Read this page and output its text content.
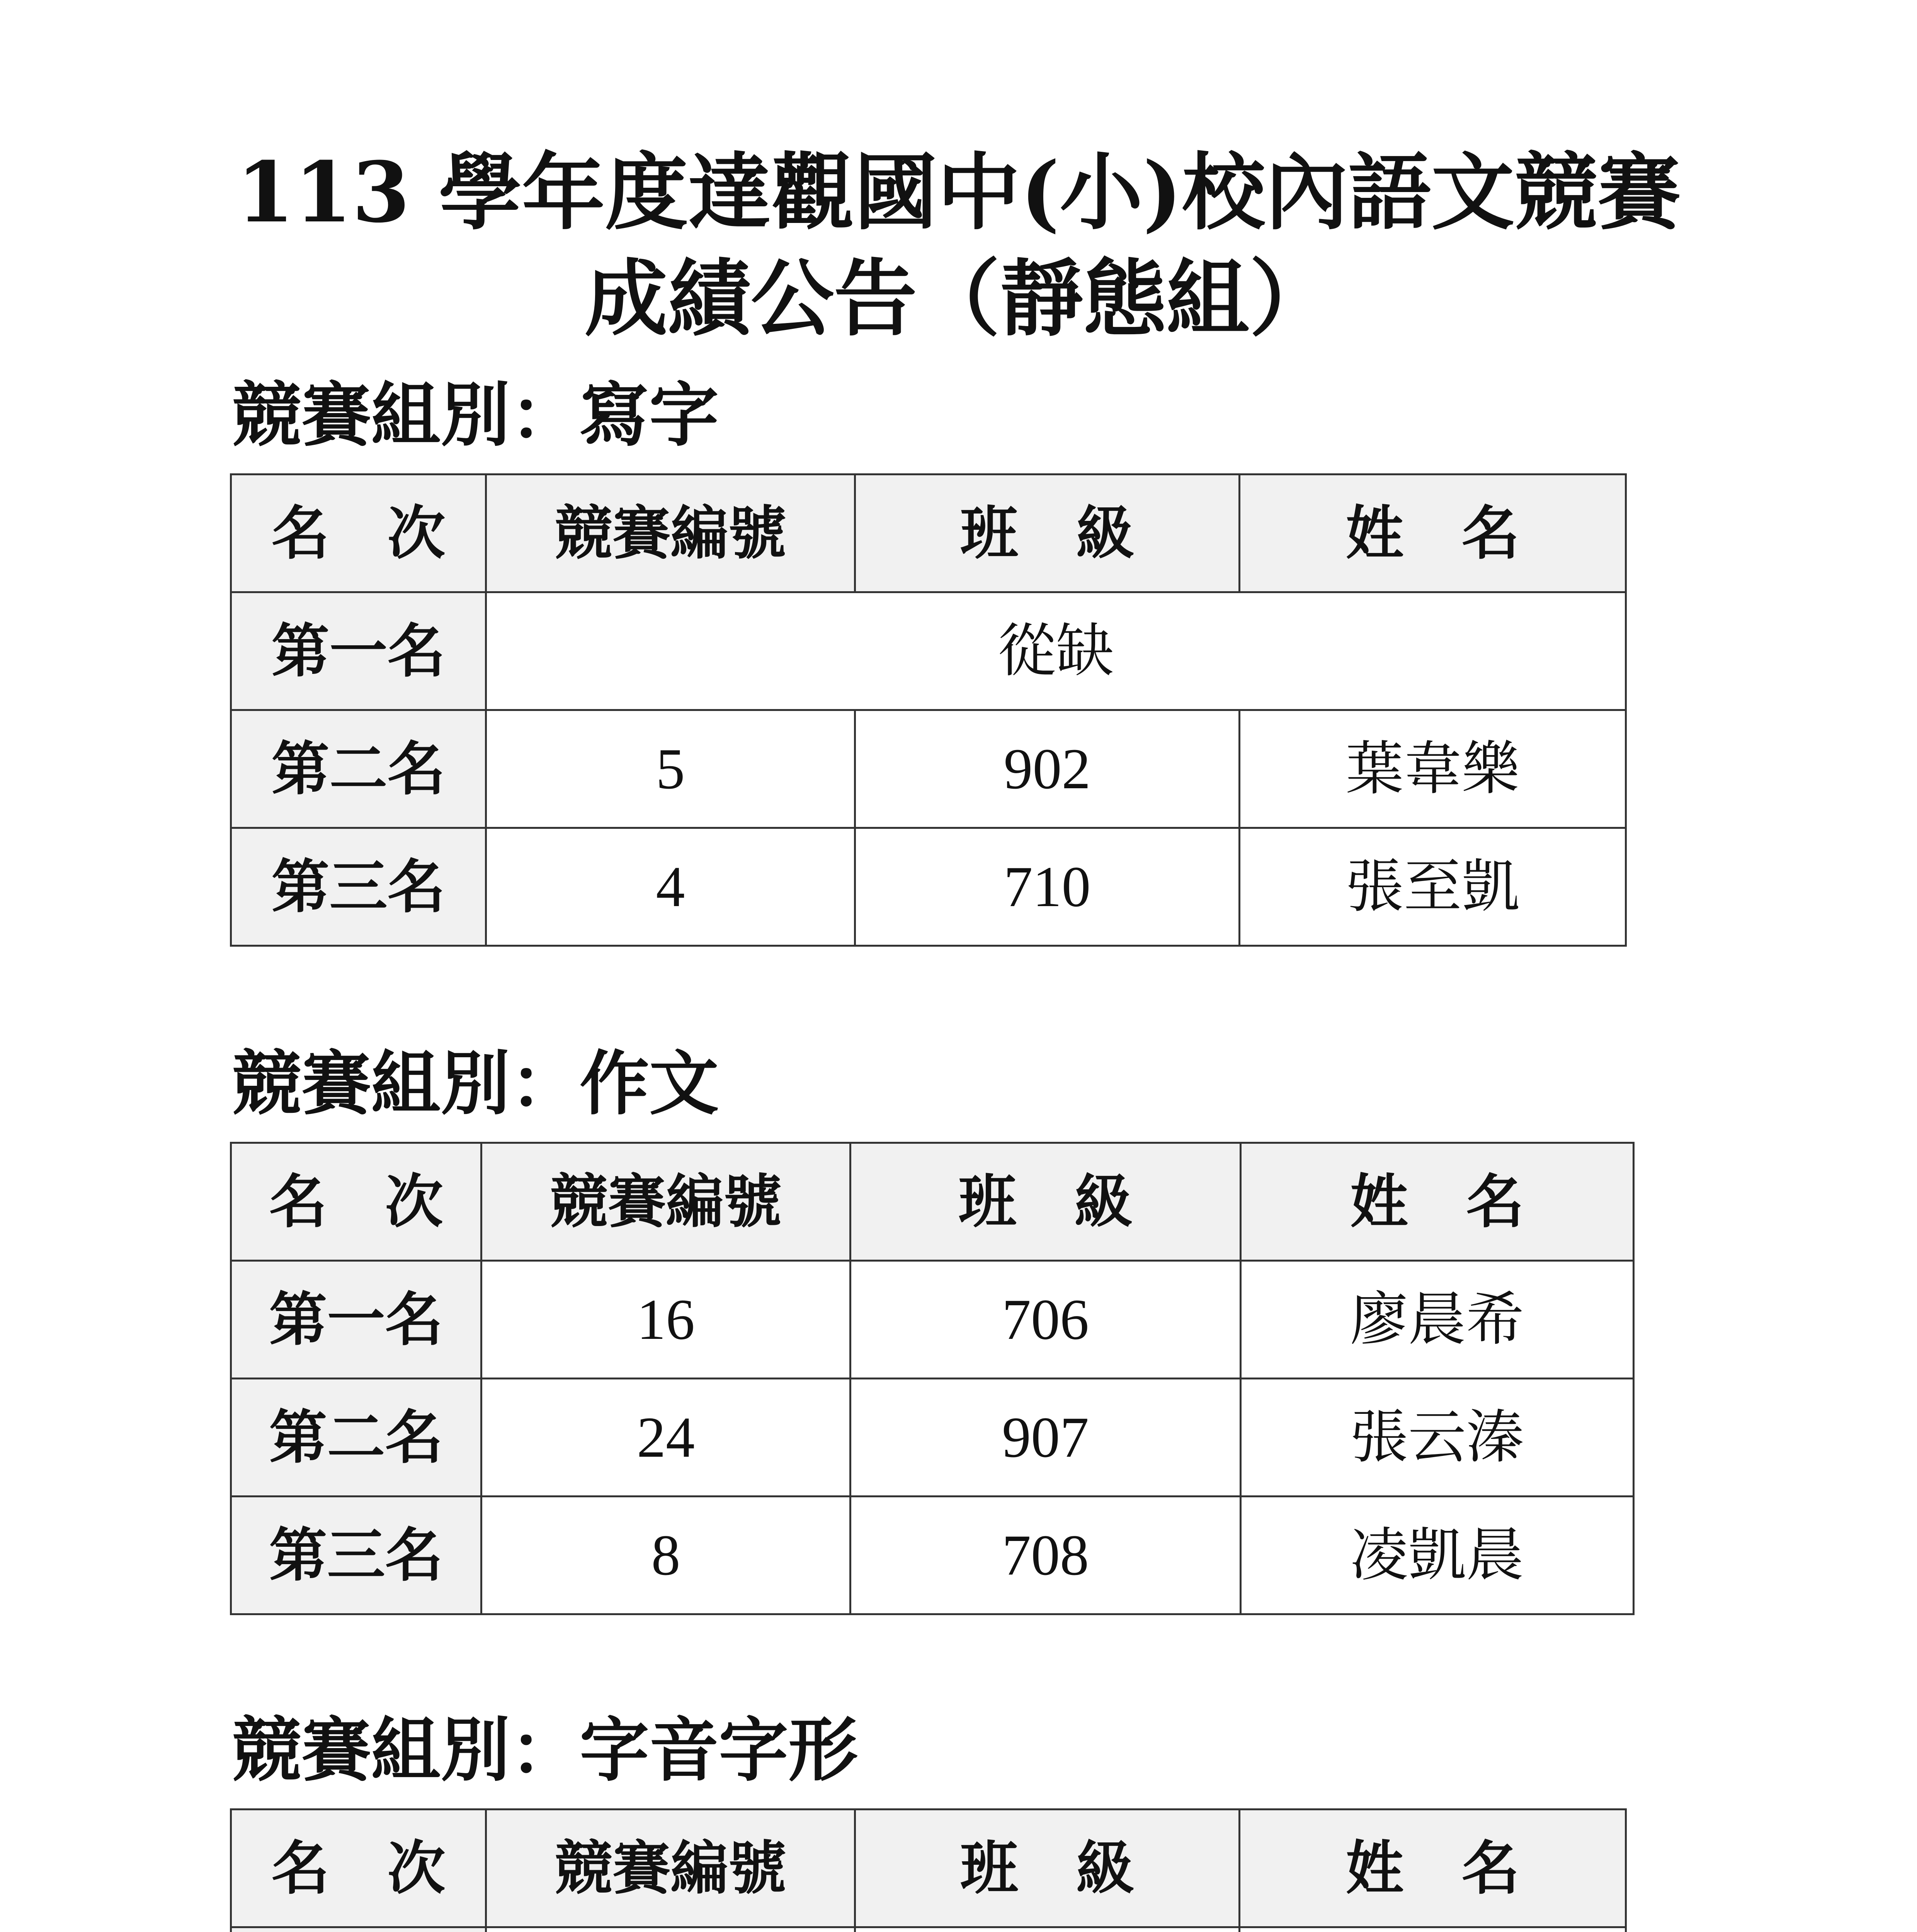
113 學年度達觀國中(小)校內語文競賽
成績公告（靜態組）
競賽組別：寫字
名　次	競賽編號	班　級	姓　名
第一名	從缺		
第二名	5	902	葉韋樂
第三名	4	710	張至凱
競賽組別：作文
名　次	競賽編號	班　級	姓　名
第一名	16	706	廖晨希
第二名	24	907	張云溱
第三名	8	708	凌凱晨
競賽組別：字音字形
名　次	競賽編號	班　級	姓　名
